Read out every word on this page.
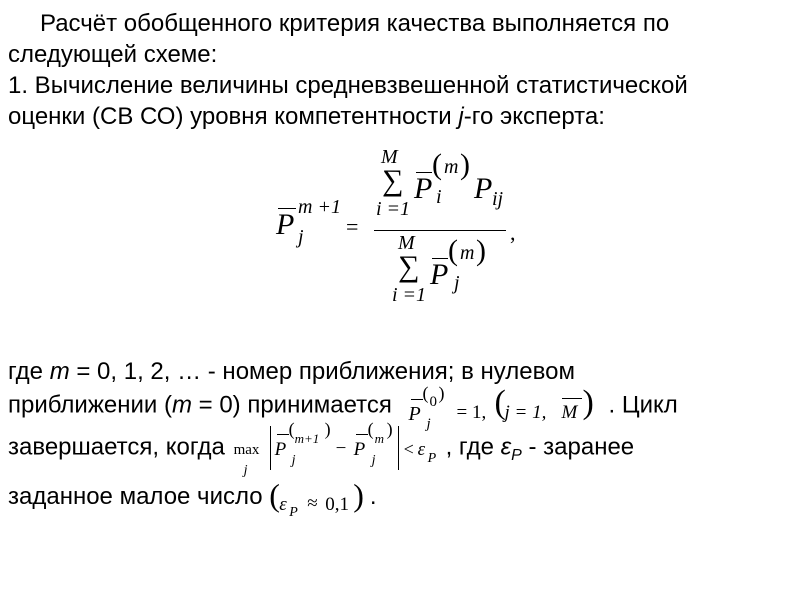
Расчёт обобщенного критерия качества выполняется по
следующей схеме:
1. Вычисление величины средневзвешенной статистической
оценки (СВ СО) уровня компетентности j-го эксперта:
P
m +1
j =
M
∑
i =1
P
( m )
i P ij
,
M
∑
i =1
P
( m )
j
где m = 0, 1, 2, … - номер приближения; в нулевом
приближении (m = 0) принимается P
( 0 )
j
= 1, (
j = 1, M ) . Цикл
завершается, когда max
j
P
( m+1 )
j
− P
( m )
j
< ε P , где $\varepsilon_P$ - заранее
заданное малое число ( ε P ≈ 0,1 ) .
